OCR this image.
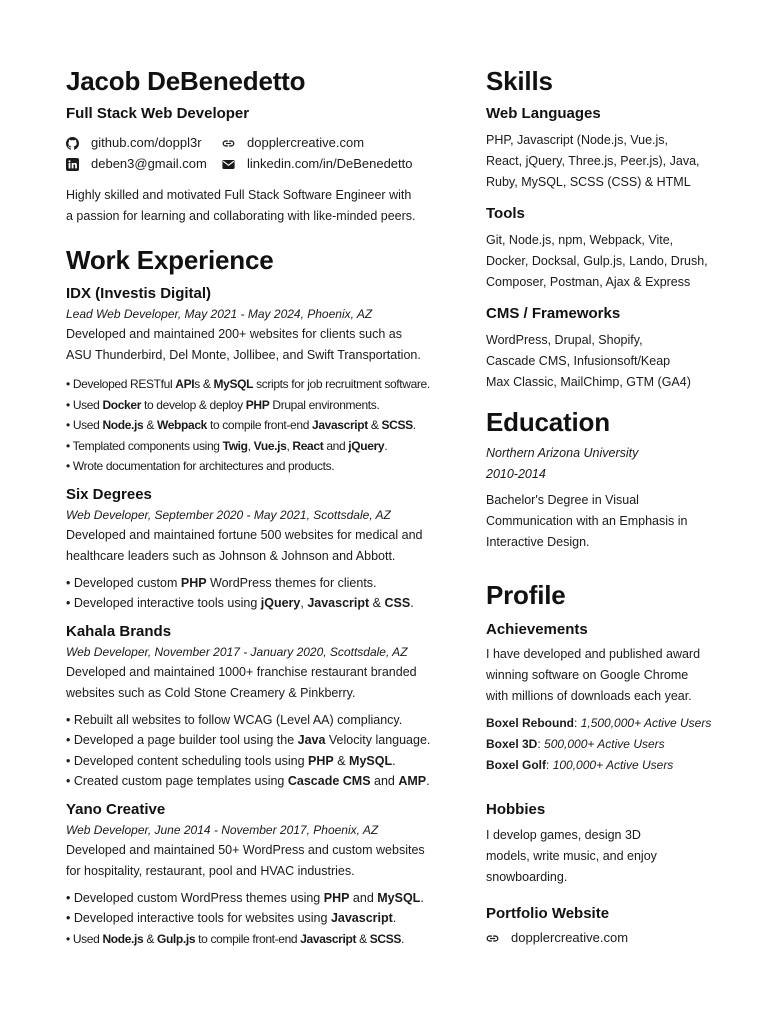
Jacob DeBenedetto
Full Stack Web Developer
github.com/doppl3r	dopplercreative.com
deben3@gmail.com	linkedin.com/in/DeBenedetto
Highly skilled and motivated Full Stack Software Engineer with
a passion for learning and collaborating with like-minded peers.
Work Experience
IDX (Investis Digital)
Lead Web Developer, May 2021 - May 2024, Phoenix, AZ
Developed and maintained 200+ websites for clients such as
ASU Thunderbird, Del Monte, Jollibee, and Swift Transportation.
• Developed RESTful APIs & MySQL scripts for job recruitment software.
• Used Docker to develop & deploy PHP Drupal environments.
• Used Node.js & Webpack to compile front-end Javascript & SCSS.
• Templated components using Twig, Vue.js, React and jQuery.
• Wrote documentation for architectures and products.
Six Degrees
Web Developer, September 2020 - May 2021, Scottsdale, AZ
Developed and maintained fortune 500 websites for medical and
healthcare leaders such as Johnson & Johnson and Abbott.
• Developed custom PHP WordPress themes for clients.
• Developed interactive tools using jQuery, Javascript & CSS.
Kahala Brands
Web Developer, November 2017 - January 2020, Scottsdale, AZ
Developed and maintained 1000+ franchise restaurant branded
websites such as Cold Stone Creamery & Pinkberry.
• Rebuilt all websites to follow WCAG (Level AA) compliancy.
• Developed a page builder tool using the Java Velocity language.
• Developed content scheduling tools using PHP & MySQL.
• Created custom page templates using Cascade CMS and AMP.
Yano Creative
Web Developer, June 2014 - November 2017, Phoenix, AZ
Developed and maintained 50+ WordPress and custom websites
for hospitality, restaurant, pool and HVAC industries.
• Developed custom WordPress themes using PHP and MySQL.
• Developed interactive tools for websites using Javascript.
• Used Node.js & Gulp.js to compile front-end Javascript & SCSS.
Skills
Web Languages
PHP, Javascript (Node.js, Vue.js,
React, jQuery, Three.js, Peer.js), Java,
Ruby, MySQL, SCSS (CSS) & HTML
Tools
Git, Node.js, npm, Webpack, Vite,
Docker, Docksal, Gulp.js, Lando, Drush,
Composer, Postman, Ajax & Express
CMS / Frameworks
WordPress, Drupal, Shopify,
Cascade CMS, Infusionsoft/Keap
Max Classic, MailChimp, GTM (GA4)
Education
Northern Arizona University
2010-2014
Bachelor's Degree in Visual
Communication with an Emphasis in
Interactive Design.
Profile
Achievements
I have developed and published award
winning software on Google Chrome
with millions of downloads each year.
Boxel Rebound: 1,500,000+ Active Users
Boxel 3D: 500,000+ Active Users
Boxel Golf: 100,000+ Active Users
Hobbies
I develop games, design 3D
models, write music, and enjoy
snowboarding.
Portfolio Website
dopplercreative.com
